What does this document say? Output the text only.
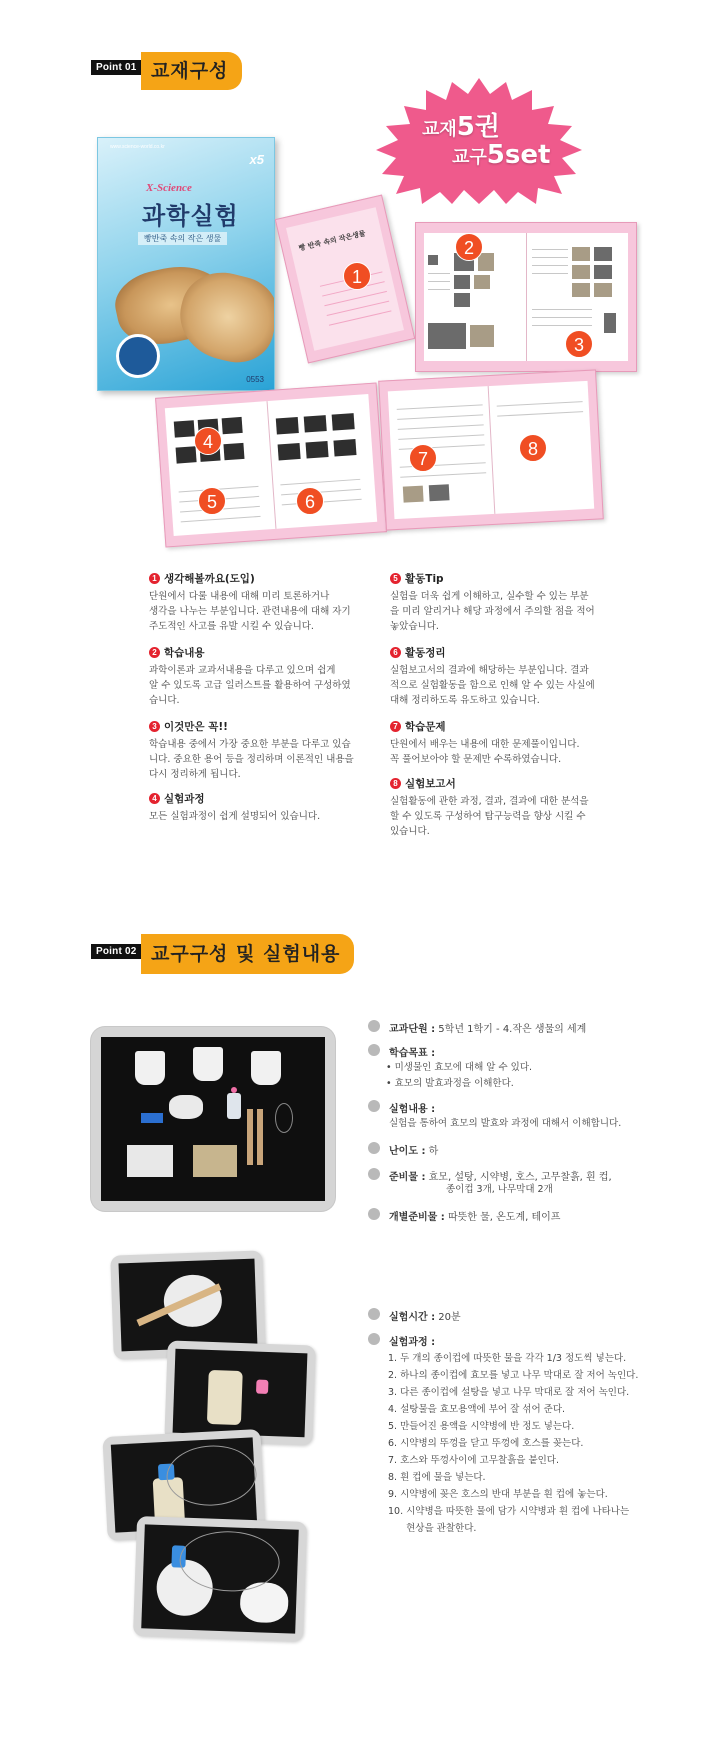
Point 01 교재구성
교재5권
교구5set
www.science-world.co.kr
x5
X-Science
과학실험
빵반죽 속의 작은 생물
0553
빵 반죽 속의 작은생물
1
2
3
4
5	6
7	8
1 생각해볼까요(도입)
단원에서 다룰 내용에 대해 미리 토론하거나
생각을 나누는 부분입니다. 관련내용에 대해 자기
주도적인 사고를 유발 시킬 수 있습니다.
2 학습내용
과학이론과 교과서내용을 다루고 있으며 쉽게
알 수 있도록 고급 일러스트를 활용하여 구성하였
습니다.
3 이것만은 꼭!!
학습내용 중에서 가장 중요한 부분을 다루고 있습
니다. 중요한 용어 등을 정리하며 이론적인 내용을
다시 정리하게 됩니다.
4 실험과정
모든 실험과정이 쉽게 설명되어 있습니다.
5 활동Tip
실험을 더욱 쉽게 이해하고, 실수할 수 있는 부분
을 미리 알리거나 해당 과정에서 주의할 점을 적어
놓았습니다.
6 활동정리
실험보고서의 결과에 해당하는 부분입니다. 결과
적으로 실험활동을 함으로 인해 알 수 있는 사실에
대해 정리하도록 유도하고 있습니다.
7 학습문제
단원에서 배우는 내용에 대한 문제풀이입니다.
꼭 풀어보아야 할 문제만 수록하였습니다.
8 실험보고서
실험활동에 관한 과정, 결과, 결과에 대한 분석을
할 수 있도록 구성하여 탐구능력을 향상 시킬 수
있습니다.
Point 02 교구구성 및 실험내용
교과단원 : 5학년 1학기 - 4.작은 생물의 세계
학습목표 :
• 미생물인 효모에 대해 알 수 있다.
• 효모의 발효과정을 이해한다.
실험내용 :
실험을 통하여 효모의 발효와 과정에 대해서 이해합니다.
난이도 : 하
준비물 : 효모, 설탕, 시약병, 호스, 고무찰흙, 흰 컵,
종이컵 3개, 나무막대 2개
개별준비물 : 따뜻한 물, 온도계, 테이프
실험시간 : 20분
실험과정 :
1. 두 개의 종이컵에 따뜻한 물을 각각 1/3 정도씩 넣는다.
2. 하나의 종이컵에 효모를 넣고 나무 막대로 잘 저어 녹인다.
3. 다른 종이컵에 설탕을 넣고 나무 막대로 잘 저어 녹인다.
4. 설탕물을 효모용액에 부어 잘 섞어 준다.
5. 만들어진 용액을 시약병에 반 정도 넣는다.
6. 시약병의 뚜껑을 닫고 뚜껑에 호스를 꽂는다.
7. 호스와 뚜껑사이에 고무찰흙을 붙인다.
8. 흰 컵에 물을 넣는다.
9. 시약병에 꽂은 호스의 반대 부분을 흰 컵에 놓는다.
10. 시약병을 따뜻한 물에 담가 시약병과 흰 컵에 나타나는
현상을 관찰한다.
